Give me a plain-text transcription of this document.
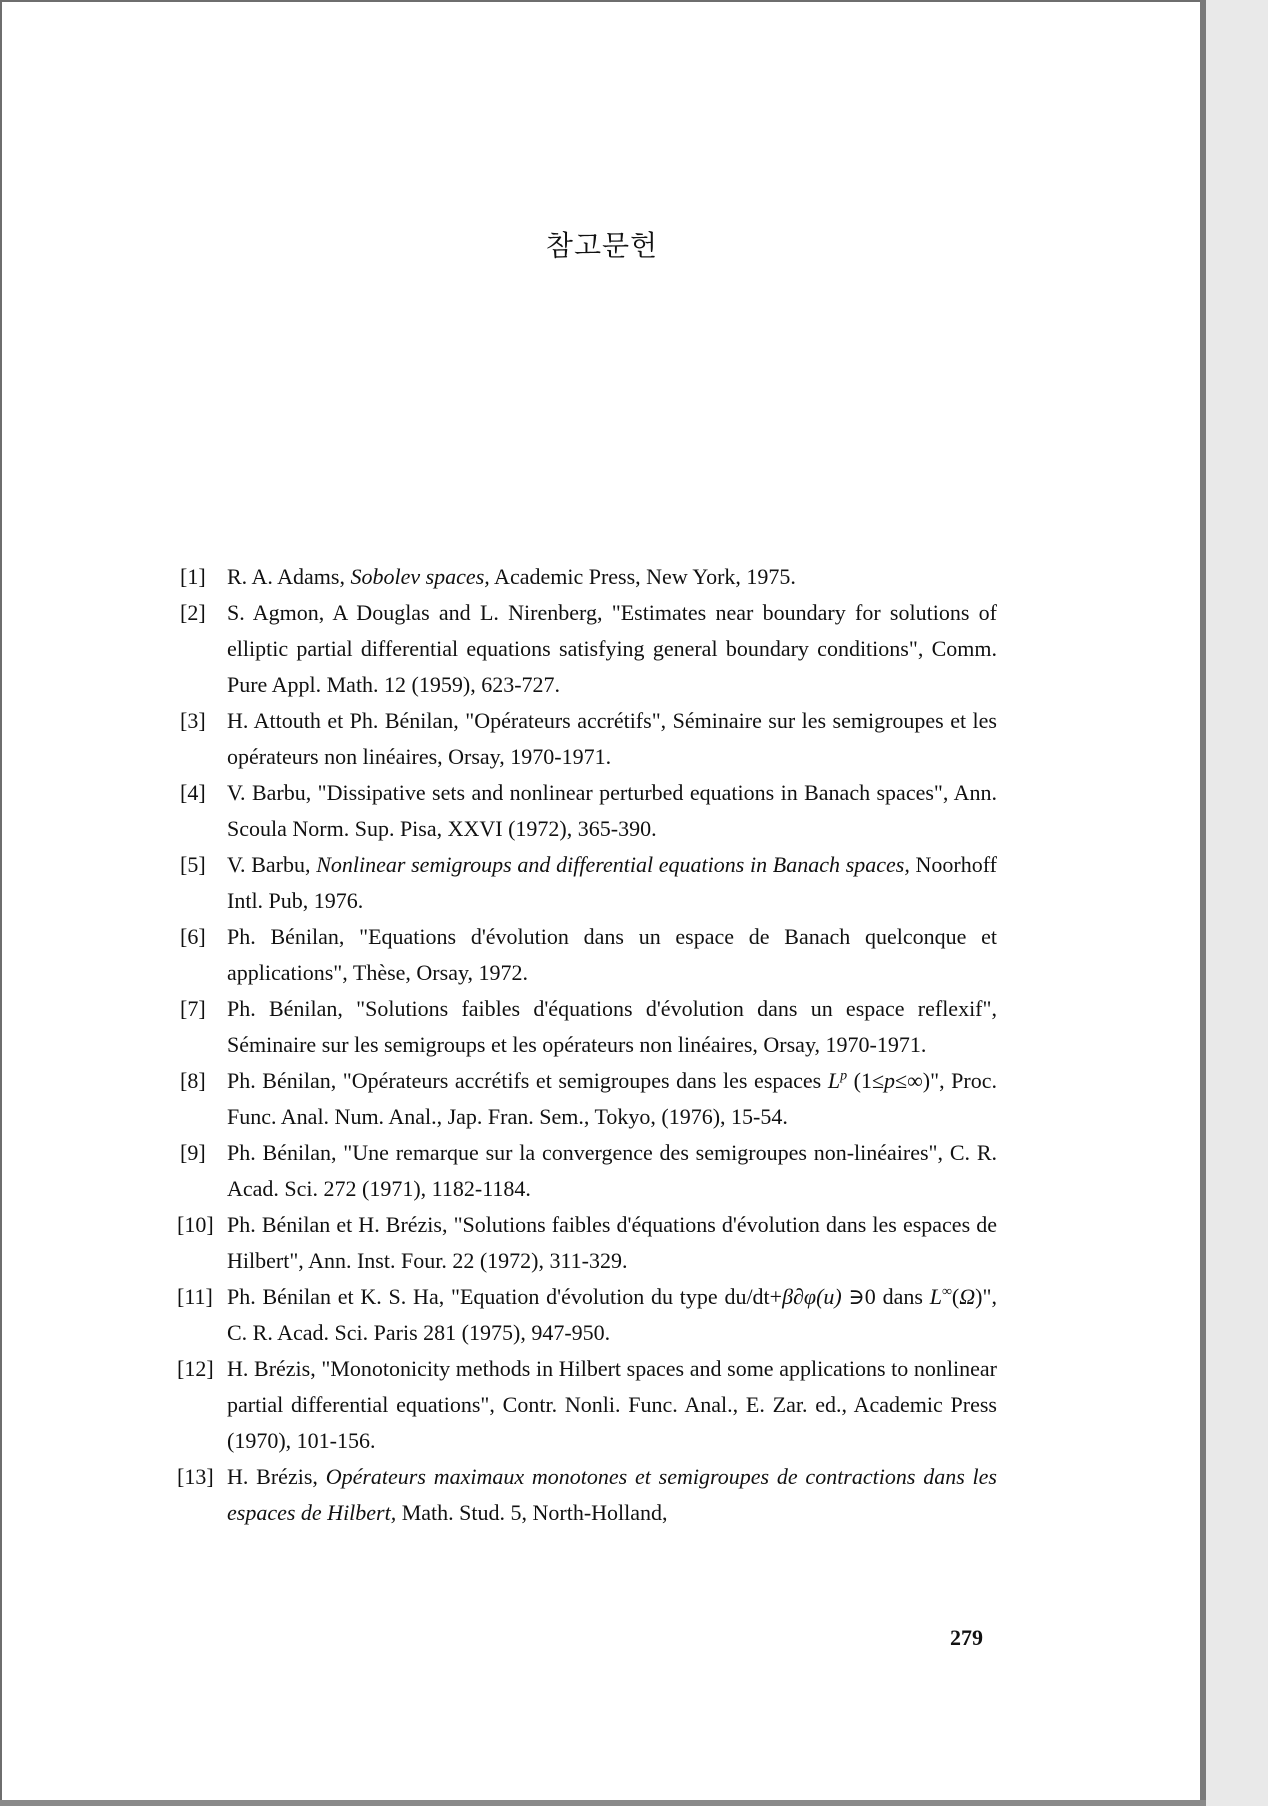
참고문헌
[1] R. A. Adams, Sobolev spaces, Academic Press, New York, 1975.
[2] S. Agmon, A Douglas and L. Nirenberg, "Estimates near boundary for solutions of elliptic partial differential equations satisfying general boundary conditions", Comm. Pure Appl. Math. 12 (1959), 623-727.
[3] H. Attouth et Ph. Bénilan, "Opérateurs accrétifs", Séminaire sur les semigroupes et les opérateurs non linéaires, Orsay, 1970-1971.
[4] V. Barbu, "Dissipative sets and nonlinear perturbed equations in Banach spaces", Ann. Scoula Norm. Sup. Pisa, XXVI (1972), 365-390.
[5] V. Barbu, Nonlinear semigroups and differential equations in Banach spaces, Noorhoff Intl. Pub, 1976.
[6] Ph. Bénilan, "Equations d'évolution dans un espace de Banach quelconque et applications", Thèse, Orsay, 1972.
[7] Ph. Bénilan, "Solutions faibles d'équations d'évolution dans un espace reflexif", Séminaire sur les semigroups et les opérateurs non linéaires, Orsay, 1970-1971.
[8] Ph. Bénilan, "Opérateurs accrétifs et semigroupes dans les espaces $L^p$ (1≤p≤∞)", Proc. Func. Anal. Num. Anal., Jap. Fran. Sem., Tokyo, (1976), 15-54.
[9] Ph. Bénilan, "Une remarque sur la convergence des semigroupes non-linéaires", C. R. Acad. Sci. 272 (1971), 1182-1184.
[10] Ph. Bénilan et H. Brézis, "Solutions faibles d'équations d'évolution dans les espaces de Hilbert", Ann. Inst. Four. 22 (1972), 311-329.
[11] Ph. Bénilan et K. S. Ha, "Equation d'évolution du type du/dt+β∂φ(u) ∋0 dans L∞(Ω)", C. R. Acad. Sci. Paris 281 (1975), 947-950.
[12] H. Brézis, "Monotonicity methods in Hilbert spaces and some applications to nonlinear partial differential equations", Contr. Nonli. Func. Anal., E. Zar. ed., Academic Press (1970), 101-156.
[13] H. Brézis, Opérateurs maximaux monotones et semigroupes de contractions dans les espaces de Hilbert, Math. Stud. 5, North-Holland,
279
